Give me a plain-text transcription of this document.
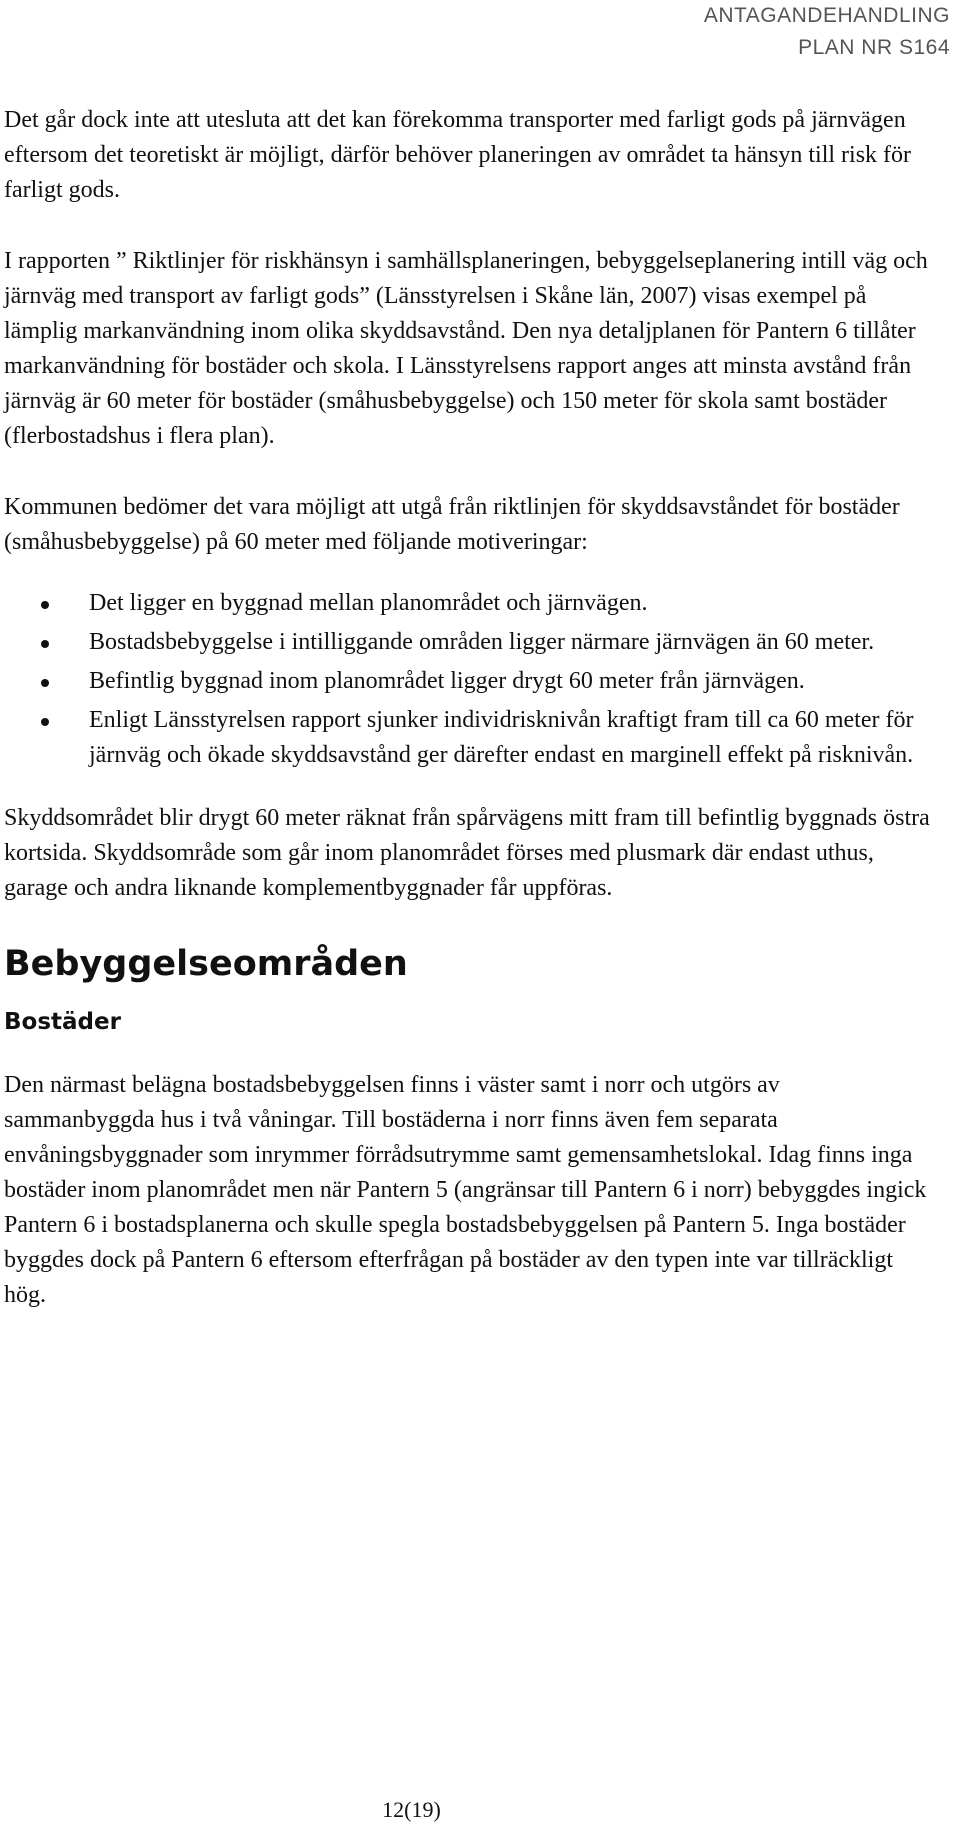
ANTAGANDEHANDLING
PLAN NR S164

Det går dock inte att utesluta att det kan förekomma transporter med farligt gods på järnvägen eftersom det teoretiskt är möjligt, därför behöver planeringen av området ta hänsyn till risk för farligt gods.

I rapporten ” Riktlinjer för riskhänsyn i samhällsplaneringen, bebyggelseplanering intill väg och järnväg med transport av farligt gods” (Länsstyrelsen i Skåne län, 2007) visas exempel på lämplig markanvändning inom olika skyddsavstånd. Den nya detaljplanen för Pantern 6 tillåter markanvändning för bostäder och skola. I Länsstyrelsens rapport anges att minsta avstånd från järnväg är 60 meter för bostäder (småhusbebyggelse) och 150 meter för skola samt bostäder (flerbostadshus i flera plan).

Kommunen bedömer det vara möjligt att utgå från riktlinjen för skyddsavståndet för bostäder (småhusbebyggelse) på 60 meter med följande motiveringar:

Det ligger en byggnad mellan planområdet och järnvägen.
Bostadsbebyggelse i intilliggande områden ligger närmare järnvägen än 60 meter.
Befintlig byggnad inom planområdet ligger drygt 60 meter från järnvägen.
Enligt Länsstyrelsen rapport sjunker individrisknivån kraftigt fram till ca 60 meter för järnväg och ökade skyddsavstånd ger därefter endast en marginell effekt på risknivån.

Skyddsområdet blir drygt 60 meter räknat från spårvägens mitt fram till befintlig byggnads östra kortsida. Skyddsområde som går inom planområdet förses med plusmark där endast uthus, garage och andra liknande komplementbyggnader får uppföras.

Bebyggelseområden
Bostäder

Den närmast belägna bostadsbebyggelsen finns i väster samt i norr och utgörs av sammanbyggda hus i två våningar. Till bostäderna i norr finns även fem separata envåningsbyggnader som inrymmer förrådsutrymme samt gemensamhetslokal. Idag finns inga bostäder inom planområdet men när Pantern 5 (angränsar till Pantern 6 i norr) bebyggdes ingick Pantern 6 i bostadsplanerna och skulle spegla bostadsbebyggelsen på Pantern 5. Inga bostäder byggdes dock på Pantern 6 eftersom efterfrågan på bostäder av den typen inte var tillräckligt hög.

12(19)
